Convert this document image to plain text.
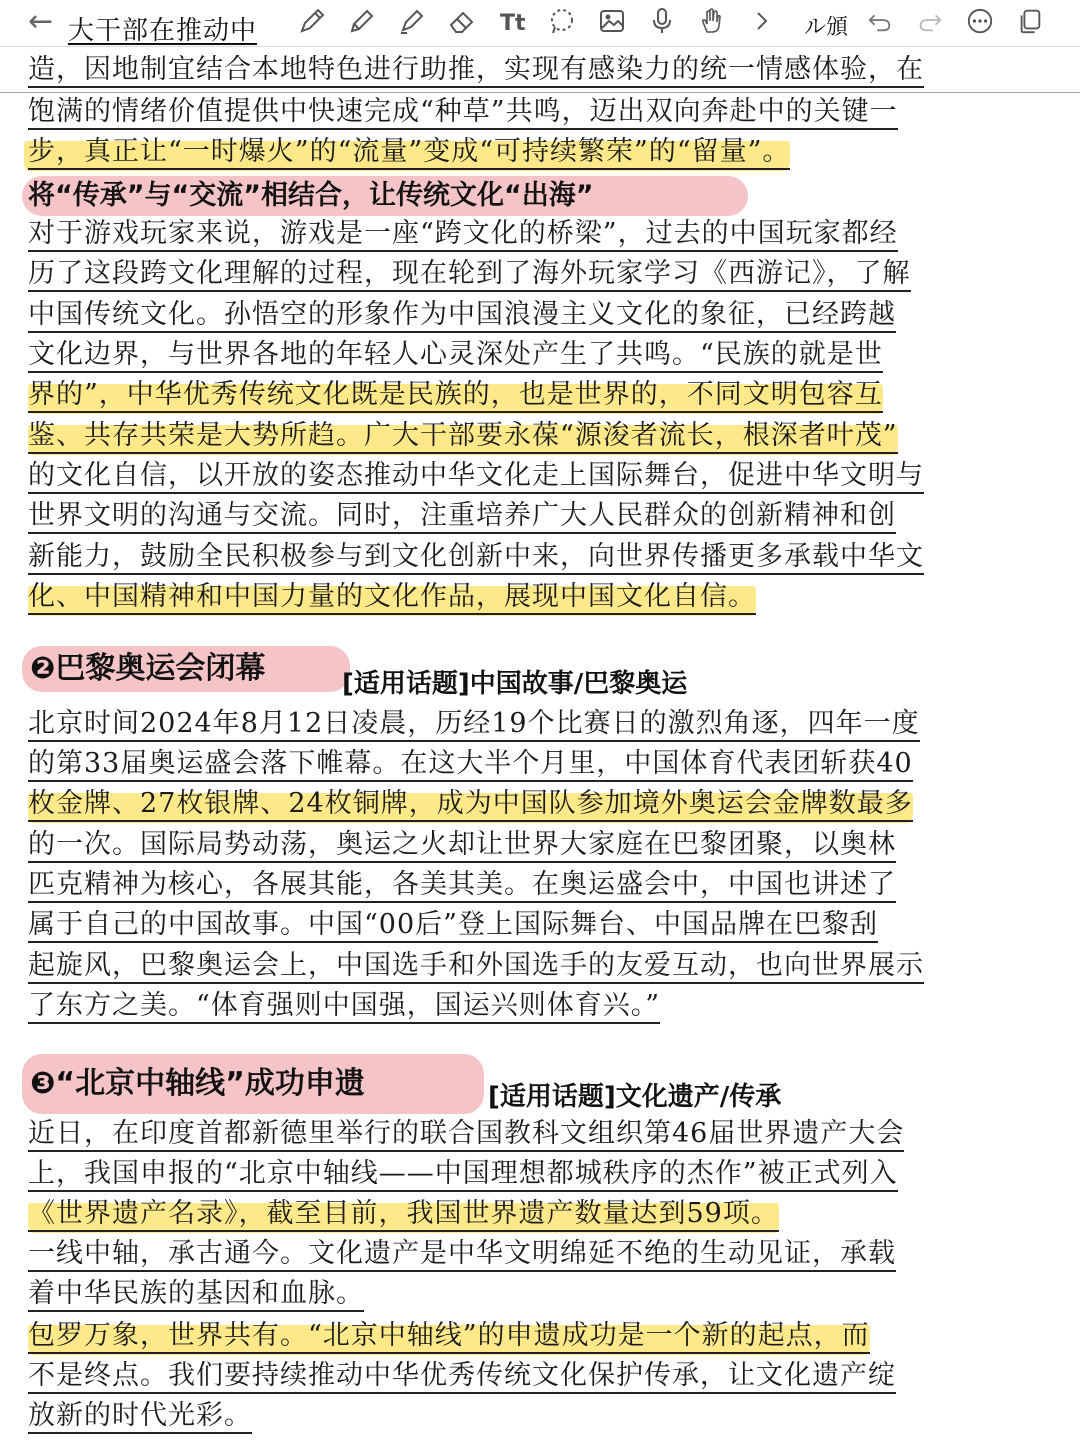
← 大干部在推动中	Tt	ル頒
造，因地制宜结合本地特色进行助推，实现有感染力的统一情感体验，在
饱满的情绪价值提供中快速完成“种草”共鸣，迈出双向奔赴中的关键一
步，真正让“一时爆火”的“流量”变成“可持续繁荣”的“留量”。
将“传承”与“交流”相结合，让传统文化“出海”
对于游戏玩家来说，游戏是一座“跨文化的桥梁”，过去的中国玩家都经
历了这段跨文化理解的过程，现在轮到了海外玩家学习《西游记》，了解
中国传统文化。孙悟空的形象作为中国浪漫主义文化的象征，已经跨越
文化边界，与世界各地的年轻人心灵深处产生了共鸣。“民族的就是世
界的”，中华优秀传统文化既是民族的，也是世界的，不同文明包容互
鉴、共存共荣是大势所趋。广大干部要永葆“源浚者流长，根深者叶茂”
的文化自信，以开放的姿态推动中华文化走上国际舞台，促进中华文明与
世界文明的沟通与交流。同时，注重培养广大人民群众的创新精神和创
新能力，鼓励全民积极参与到文化创新中来，向世界传播更多承载中华文
化、中国精神和中国力量的文化作品，展现中国文化自信。
❷巴黎奥运会闭幕	[适用话题]中国故事/巴黎奥运
北京时间2024年8月12日凌晨，历经19个比赛日的激烈角逐，四年一度
的第33届奥运盛会落下帷幕。在这大半个月里，中国体育代表团斩获40
枚金牌、27枚银牌、24枚铜牌，成为中国队参加境外奥运会金牌数最多
的一次。国际局势动荡，奥运之火却让世界大家庭在巴黎团聚，以奥林
匹克精神为核心，各展其能，各美其美。在奥运盛会中，中国也讲述了
属于自己的中国故事。中国“00后”登上国际舞台、中国品牌在巴黎刮
起旋风，巴黎奥运会上，中国选手和外国选手的友爱互动，也向世界展示
了东方之美。“体育强则中国强，国运兴则体育兴。”
❸“北京中轴线”成功申遗	[适用话题]文化遗产/传承
近日，在印度首都新德里举行的联合国教科文组织第46届世界遗产大会
上，我国申报的“北京中轴线——中国理想都城秩序的杰作”被正式列入
《世界遗产名录》，截至目前，我国世界遗产数量达到59项。
一线中轴，承古通今。文化遗产是中华文明绵延不绝的生动见证，承载
着中华民族的基因和血脉。
包罗万象，世界共有。“北京中轴线”的申遗成功是一个新的起点，而
不是终点。我们要持续推动中华优秀传统文化保护传承，让文化遗产绽
放新的时代光彩。
